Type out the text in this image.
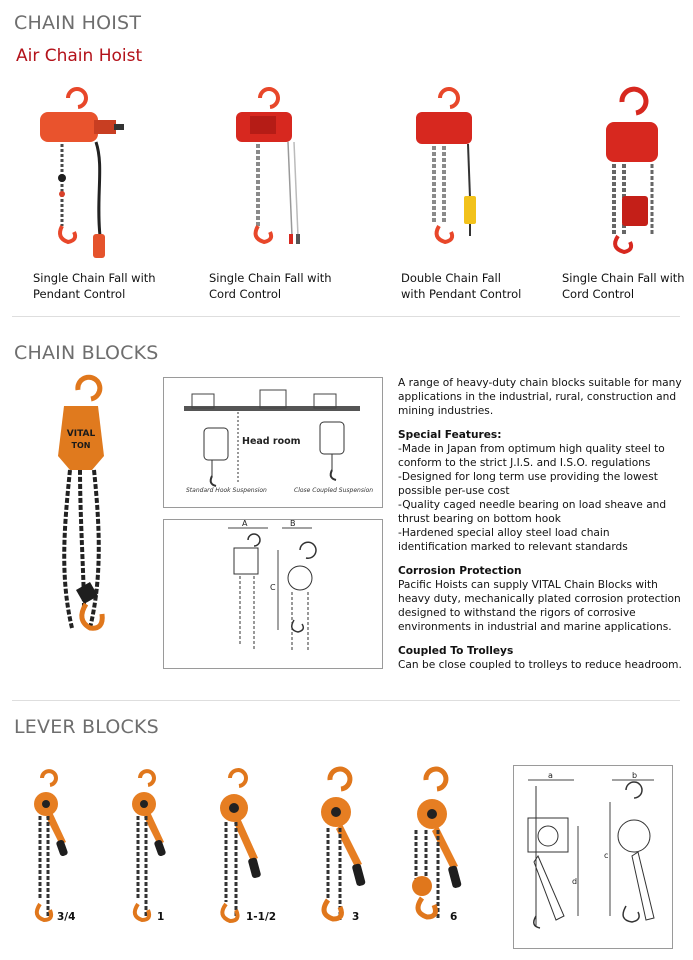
CHAIN HOIST
Air Chain Hoist
Single Chain Fall with
Pendant Control
Single Chain Fall with
Cord Control
Double Chain Fall
with Pendant Control
Single Chain Fall with
Cord Control
CHAIN BLOCKS
VITAL
TON	Head room
Standard Hook Suspension	Close Coupled Suspension
A	B
C

A range of heavy-duty chain blocks suitable for many applications in the industrial, rural, construction and mining industries.

Special Features:

-Made in Japan from optimum high quality steel to conform to the strict J.I.S. and I.S.O. regulations

-Designed for long term use providing the lowest possible per-use cost

-Quality caged needle bearing on load sheave and thrust bearing on bottom hook

-Hardened special alloy steel load chain identification marked to relevant standards

Corrosion Protection

Pacific Hoists can supply VITAL Chain Blocks with heavy duty, mechanically plated corrosion protection designed to withstand the rigors of corrosive environments in industrial and marine applications.

Coupled To Trolleys

Can be close coupled to trolleys to reduce headroom.

LEVER BLOCKS
3/4	1	1-1/2	3	6
a	b
d
c
